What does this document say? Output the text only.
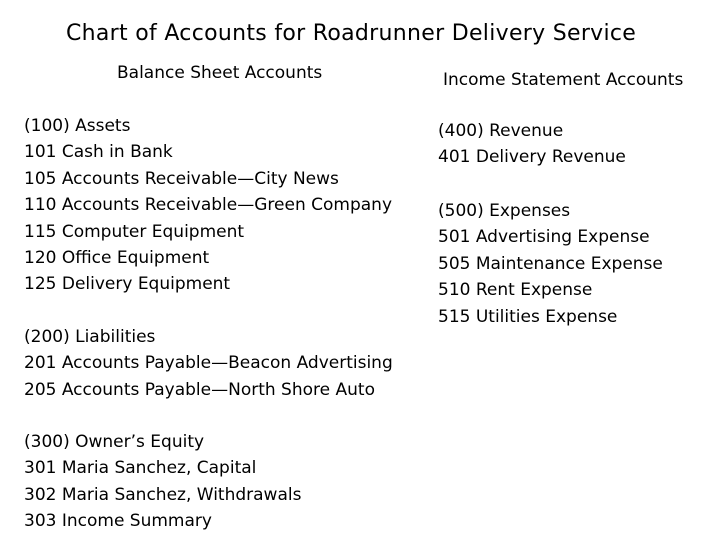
Chart of Accounts for Roadrunner Delivery Service
Balance Sheet Accounts	Income Statement Accounts
(100) Assets
101 Cash in Bank
105 Accounts Receivable—City News
110 Accounts Receivable—Green Company
115 Computer Equipment
120 Office Equipment
125 Delivery Equipment
(200) Liabilities
201 Accounts Payable—Beacon Advertising
205 Accounts Payable—North Shore Auto
(300) Owner’s Equity
301 Maria Sanchez, Capital
302 Maria Sanchez, Withdrawals
303 Income Summary
(400) Revenue
401 Delivery Revenue
(500) Expenses
501 Advertising Expense
505 Maintenance Expense
510 Rent Expense
515 Utilities Expense
